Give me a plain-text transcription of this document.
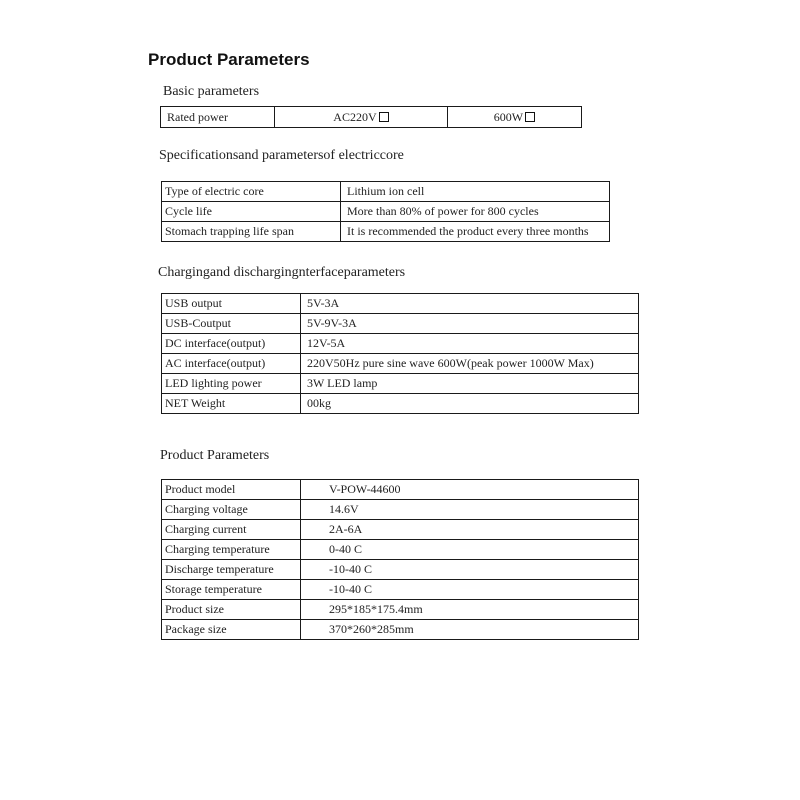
Product Parameters
Basic parameters
Rated power	AC220V	600W
Specificationsand parametersof electriccore
Type of electric core	Lithium ion cell
Cycle life	More than 80% of power for 800 cycles
Stomach trapping life span	It is recommended the product every three months
Chargingand dischargingnterfaceparameters
USB output	5V-3A
USB-Coutput	5V-9V-3A
DC interface(output)	12V-5A
AC interface(output)	220V50Hz pure sine wave 600W(peak power 1000W Max)
LED lighting power	3W LED lamp
NET Weight	00kg
Product Parameters
Product model	V-POW-44600
Charging voltage	14.6V
Charging current	2A-6A
Charging temperature	0-40 C
Discharge temperature	-10-40 C
Storage temperature	-10-40 C
Product size	295*185*175.4mm
Package size	370*260*285mm
